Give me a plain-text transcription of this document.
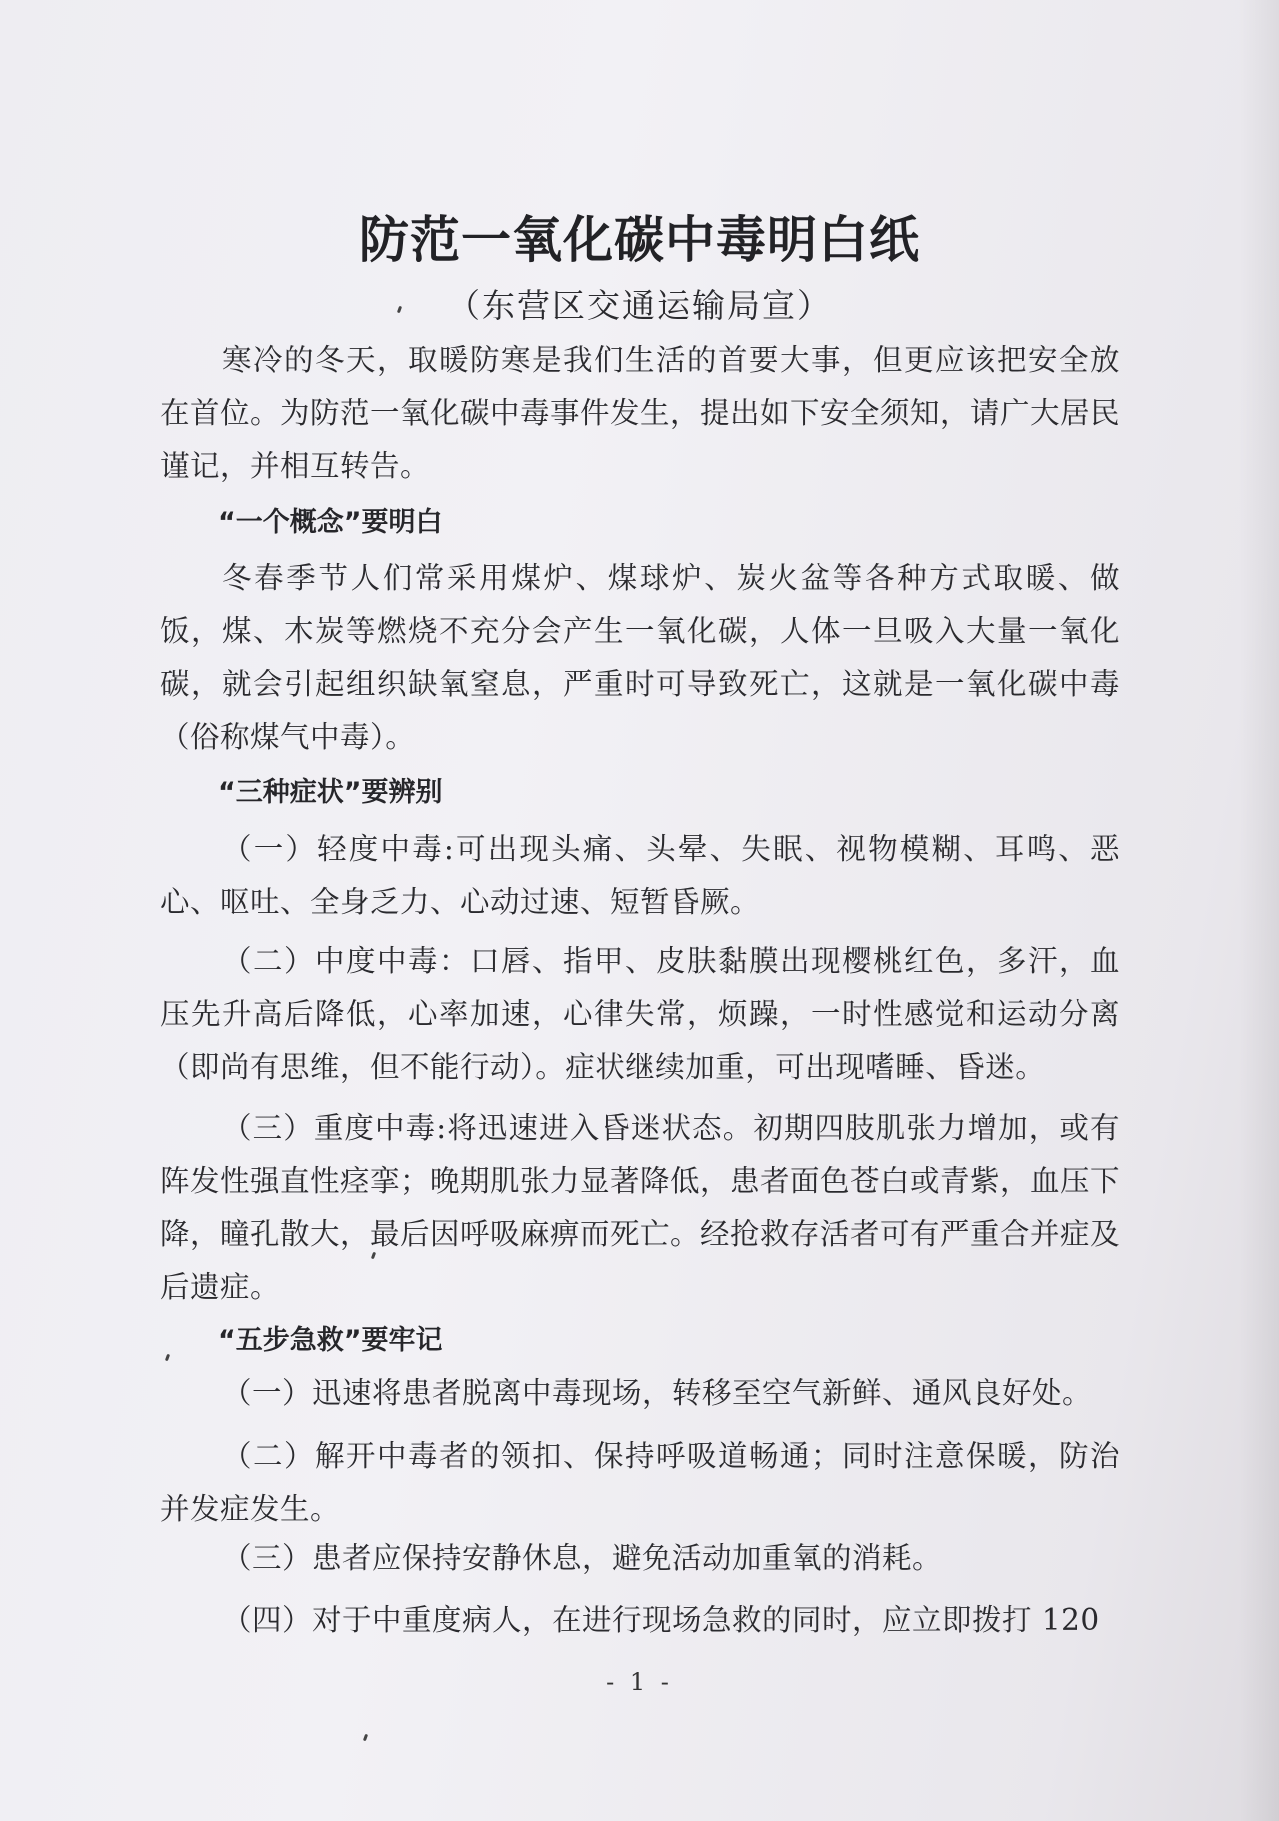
防范一氧化碳中毒明白纸
（东营区交通运输局宣）

寒冷的冬天，取暖防寒是我们生活的首要大事，但更应该把安全放在首位。为防范一氧化碳中毒事件发生，提出如下安全须知，请广大居民谨记，并相互转告。

“一个概念”要明白

冬春季节人们常采用煤炉、煤球炉、炭火盆等各种方式取暖、做饭，煤、木炭等燃烧不充分会产生一氧化碳，人体一旦吸入大量一氧化碳，就会引起组织缺氧窒息，严重时可导致死亡，这就是一氧化碳中毒（俗称煤气中毒）。

“三种症状”要辨别

（一）轻度中毒:可出现头痛、头晕、失眠、视物模糊、耳鸣、恶心、呕吐、全身乏力、心动过速、短暂昏厥。

（二）中度中毒：口唇、指甲、皮肤黏膜出现樱桃红色，多汗，血压先升高后降低，心率加速，心律失常，烦躁，一时性感觉和运动分离（即尚有思维，但不能行动）。症状继续加重，可出现嗜睡、昏迷。

（三）重度中毒:将迅速进入昏迷状态。初期四肢肌张力增加，或有阵发性强直性痉挛；晚期肌张力显著降低，患者面色苍白或青紫，血压下降，瞳孔散大，最后因呼吸麻痹而死亡。经抢救存活者可有严重合并症及后遗症。

“五步急救”要牢记

（一）迅速将患者脱离中毒现场，转移至空气新鲜、通风良好处。

（二）解开中毒者的领扣、保持呼吸道畅通；同时注意保暖，防治并发症发生。

（三）患者应保持安静休息，避免活动加重氧的消耗。

（四）对于中重度病人，在进行现场急救的同时，应立即拨打 120

- 1 -
